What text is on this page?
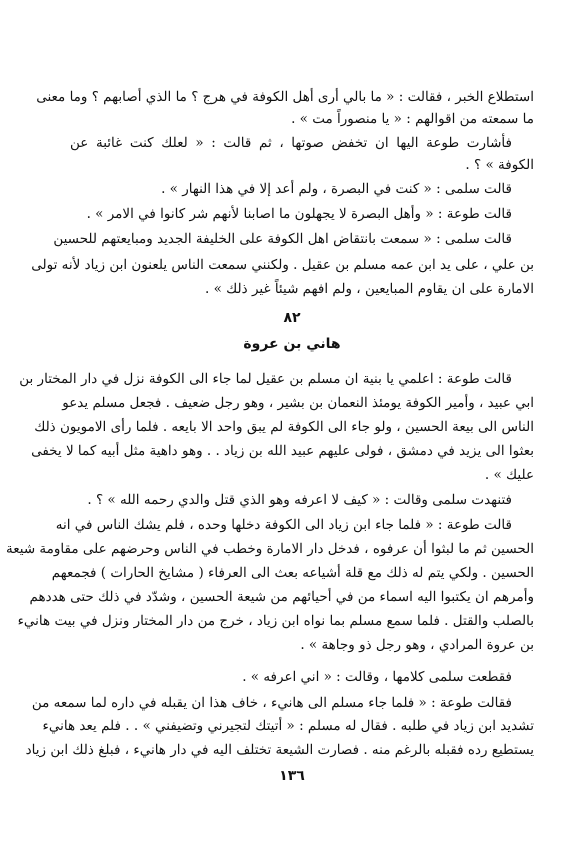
استطلاع الخبر ، فقالت : « ما بالي أرى أهل الكوفة في هرج ؟ ما الذي أصابهم ؟ وما معنى
ما سمعته من اقوالهم : « يا منصوراً مت » .
فأشارت طوعة اليها ان تخفض صوتها ، ثم قالت : « لعلك كنت غائبة عن
الكوفة » ؟ .
قالت سلمى : « كنت في البصرة ، ولم أعد إلا في هذا النهار » .
قالت طوعة : « وأهل البصرة لا يجهلون ما اصابنا لأنهم شر كانوا في الامر » .
قالت سلمى : « سمعت بانتقاض اهل الكوفة على الخليفة الجديد ومبايعتهم للحسين
بن علي ، على يد ابن عمه مسلم بن عقيل . ولكنني سمعت الناس يلعنون ابن زياد لأنه تولى
الامارة على ان يقاوم المبايعين ، ولم افهم شيئاً غير ذلك » .
٨٢
هاني بن عروة
قالت طوعة : اعلمي يا بنية ان مسلم بن عقيل لما جاء الى الكوفة نزل في دار المختار بن
ابي عبيد ، وأمير الكوفة يومئذ النعمان بن بشير ، وهو رجل ضعيف . فجعل مسلم يدعو
الناس الى بيعة الحسين ، ولو جاء الى الكوفة لم يبق واحد الا بايعه . فلما رأى الامويون ذلك
بعثوا الى يزيد في دمشق ، فولى عليهم عبيد الله بن زياد . . وهو داهية مثل أبيه كما لا يخفى
عليك » .
فتنهدت سلمى وقالت : « كيف لا اعرفه وهو الذي قتل والدي رحمه الله » ؟ .
قالت طوعة : « فلما جاء ابن زياد الى الكوفة دخلها وحده ، فلم يشك الناس في انه
الحسين ثم ما لبثوا أن عرفوه ، فدخل دار الامارة وخطب في الناس وحرضهم على مقاومة شيعة
الحسين . ولكي يتم له ذلك مع قلة أشياعه بعث الى العرفاء ( مشايخ الحارات ) فجمعهم
وأمرهم ان يكتبوا اليه اسماء من في أحيائهم من شيعة الحسين ، وشدّد في ذلك حتى هددهم
بالصلب والقتل . فلما سمع مسلم بما نواه ابن زياد ، خرج من دار المختار ونزل في بيت هانيء
بن عروة المرادي ، وهو رجل ذو وجاهة » .
فقطعت سلمى كلامها ، وقالت : « اني اعرفه » .
فقالت طوعة : « فلما جاء مسلم الى هانيء ، خاف هذا ان يقبله في داره لما سمعه من
تشديد ابن زياد في طلبه . فقال له مسلم : « أتيتك لتجيرني وتضيفني » . . فلم يعد هانيء
يستطيع رده فقبله بالرغم منه . فصارت الشيعة تختلف اليه في دار هانيء ، فبلغ ذلك ابن زياد
١٣٦
